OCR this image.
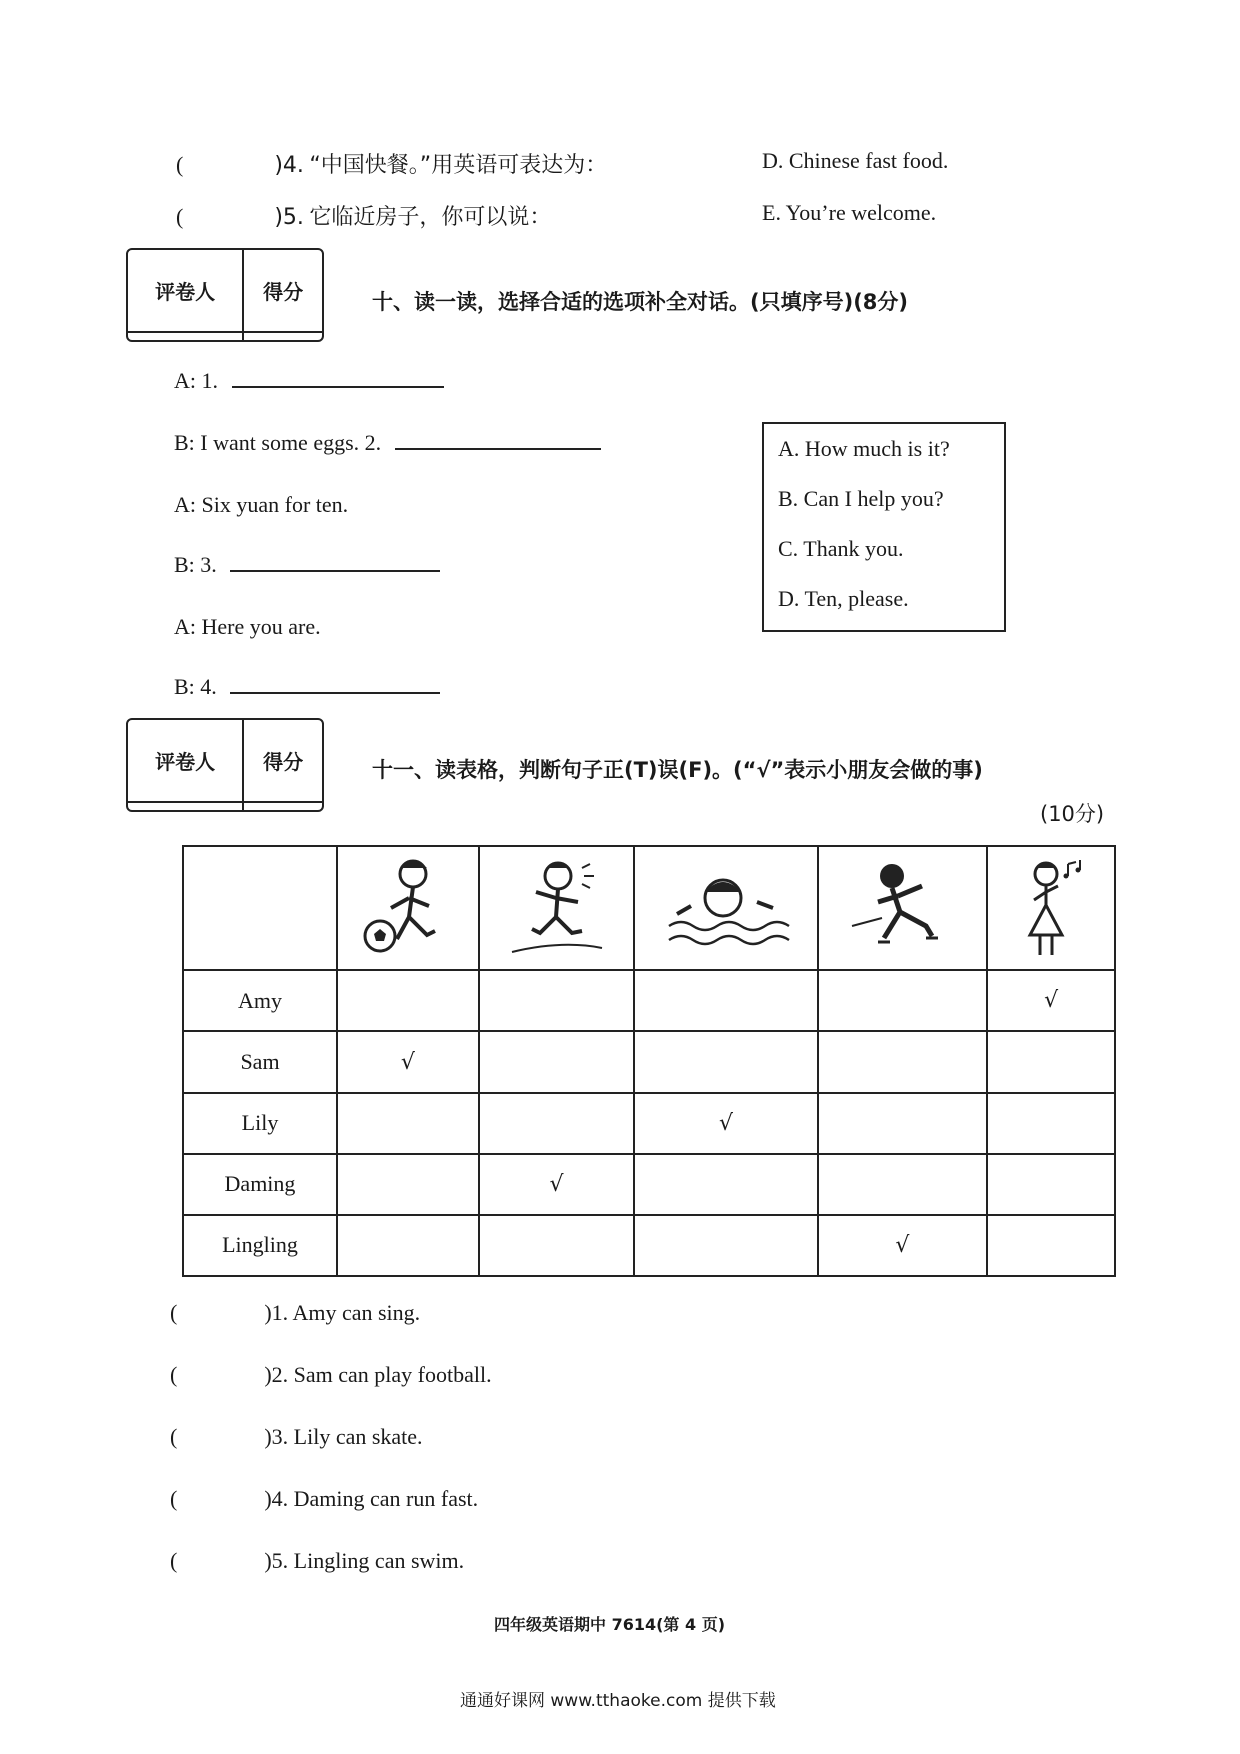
(	)4. “中国快餐。”用英语可表达为：	D. Chinese fast food.
(	)5. 它临近房子，你可以说：	E. You’re welcome.
评卷人	得分
		十、读一读，选择合适的选项补全对话。(只填序号)(8分)
A: 1.
B: I want some eggs. 2.
A: Six yuan for ten.
B: 3.
A: Here you are.
B: 4.
A. How much is it?
B. Can I help you?
C. Thank you.
D. Ten, please.
评卷人	得分
		十一、读表格，判断句子正(T)误(F)。(“√”表示小朋友会做的事)
(10分)

Amy					√
Sam	√				
Lily			√		
Daming		√			
Lingling				√	
(	)1. Amy can sing.
(	)2. Sam can play football.
(	)3. Lily can skate.
(	)4. Daming can run fast.
(	)5. Lingling can swim.
四年级英语期中 7614(第 4 页)
通通好课网 www.tthaoke.com 提供下载
